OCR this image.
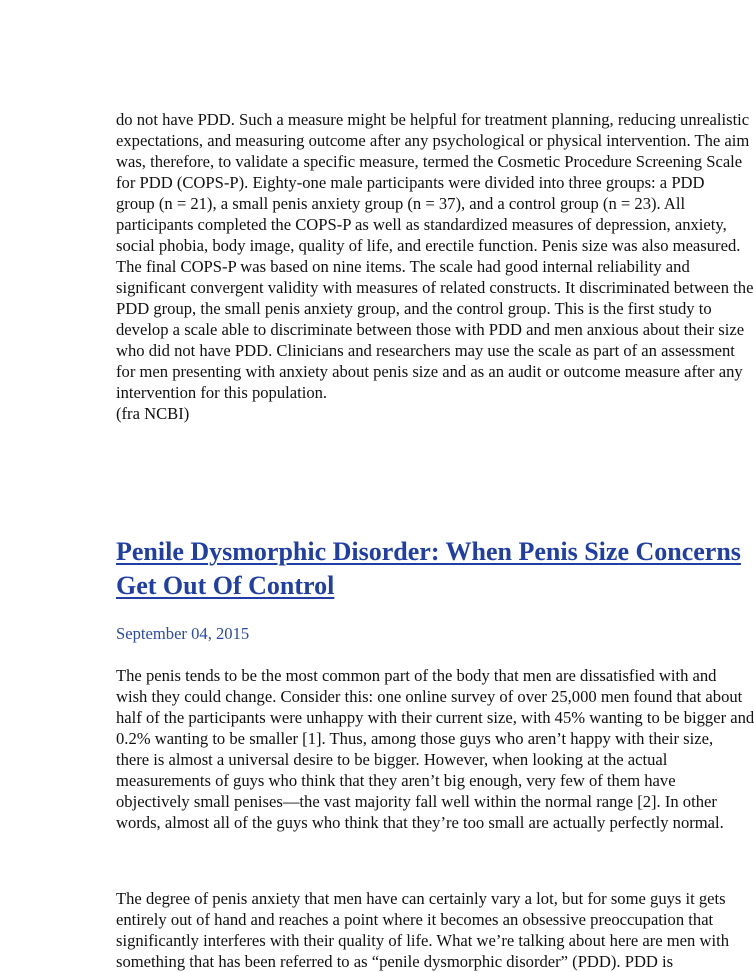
do not have PDD. Such a measure might be helpful for treatment planning, reducing unrealistic
expectations, and measuring outcome after any psychological or physical intervention. The aim
was, therefore, to validate a specific measure, termed the Cosmetic Procedure Screening Scale
for PDD (COPS-P). Eighty-one male participants were divided into three groups: a PDD
group (n = 21), a small penis anxiety group (n = 37), and a control group (n = 23). All
participants completed the COPS-P as well as standardized measures of depression, anxiety,
social phobia, body image, quality of life, and erectile function. Penis size was also measured.
The final COPS-P was based on nine items. The scale had good internal reliability and
significant convergent validity with measures of related constructs. It discriminated between the
PDD group, the small penis anxiety group, and the control group. This is the first study to
develop a scale able to discriminate between those with PDD and men anxious about their size
who did not have PDD. Clinicians and researchers may use the scale as part of an assessment
for men presenting with anxiety about penis size and as an audit or outcome measure after any
intervention for this population.
(fra NCBI)
Penile Dysmorphic Disorder: When Penis Size Concerns
Get Out Of Control
September 04, 2015
The penis tends to be the most common part of the body that men are dissatisfied with and
wish they could change. Consider this: one online survey of over 25,000 men found that about
half of the participants were unhappy with their current size, with 45% wanting to be bigger and
0.2% wanting to be smaller [1]. Thus, among those guys who aren’t happy with their size,
there is almost a universal desire to be bigger. However, when looking at the actual
measurements of guys who think that they aren’t big enough, very few of them have
objectively small penises—the vast majority fall well within the normal range [2]. In other
words, almost all of the guys who think that they’re too small are actually perfectly normal.
The degree of penis anxiety that men have can certainly vary a lot, but for some guys it gets
entirely out of hand and reaches a point where it becomes an obsessive preoccupation that
significantly interferes with their quality of life. What we’re talking about here are men with
something that has been referred to as “penile dysmorphic disorder” (PDD). PDD is
